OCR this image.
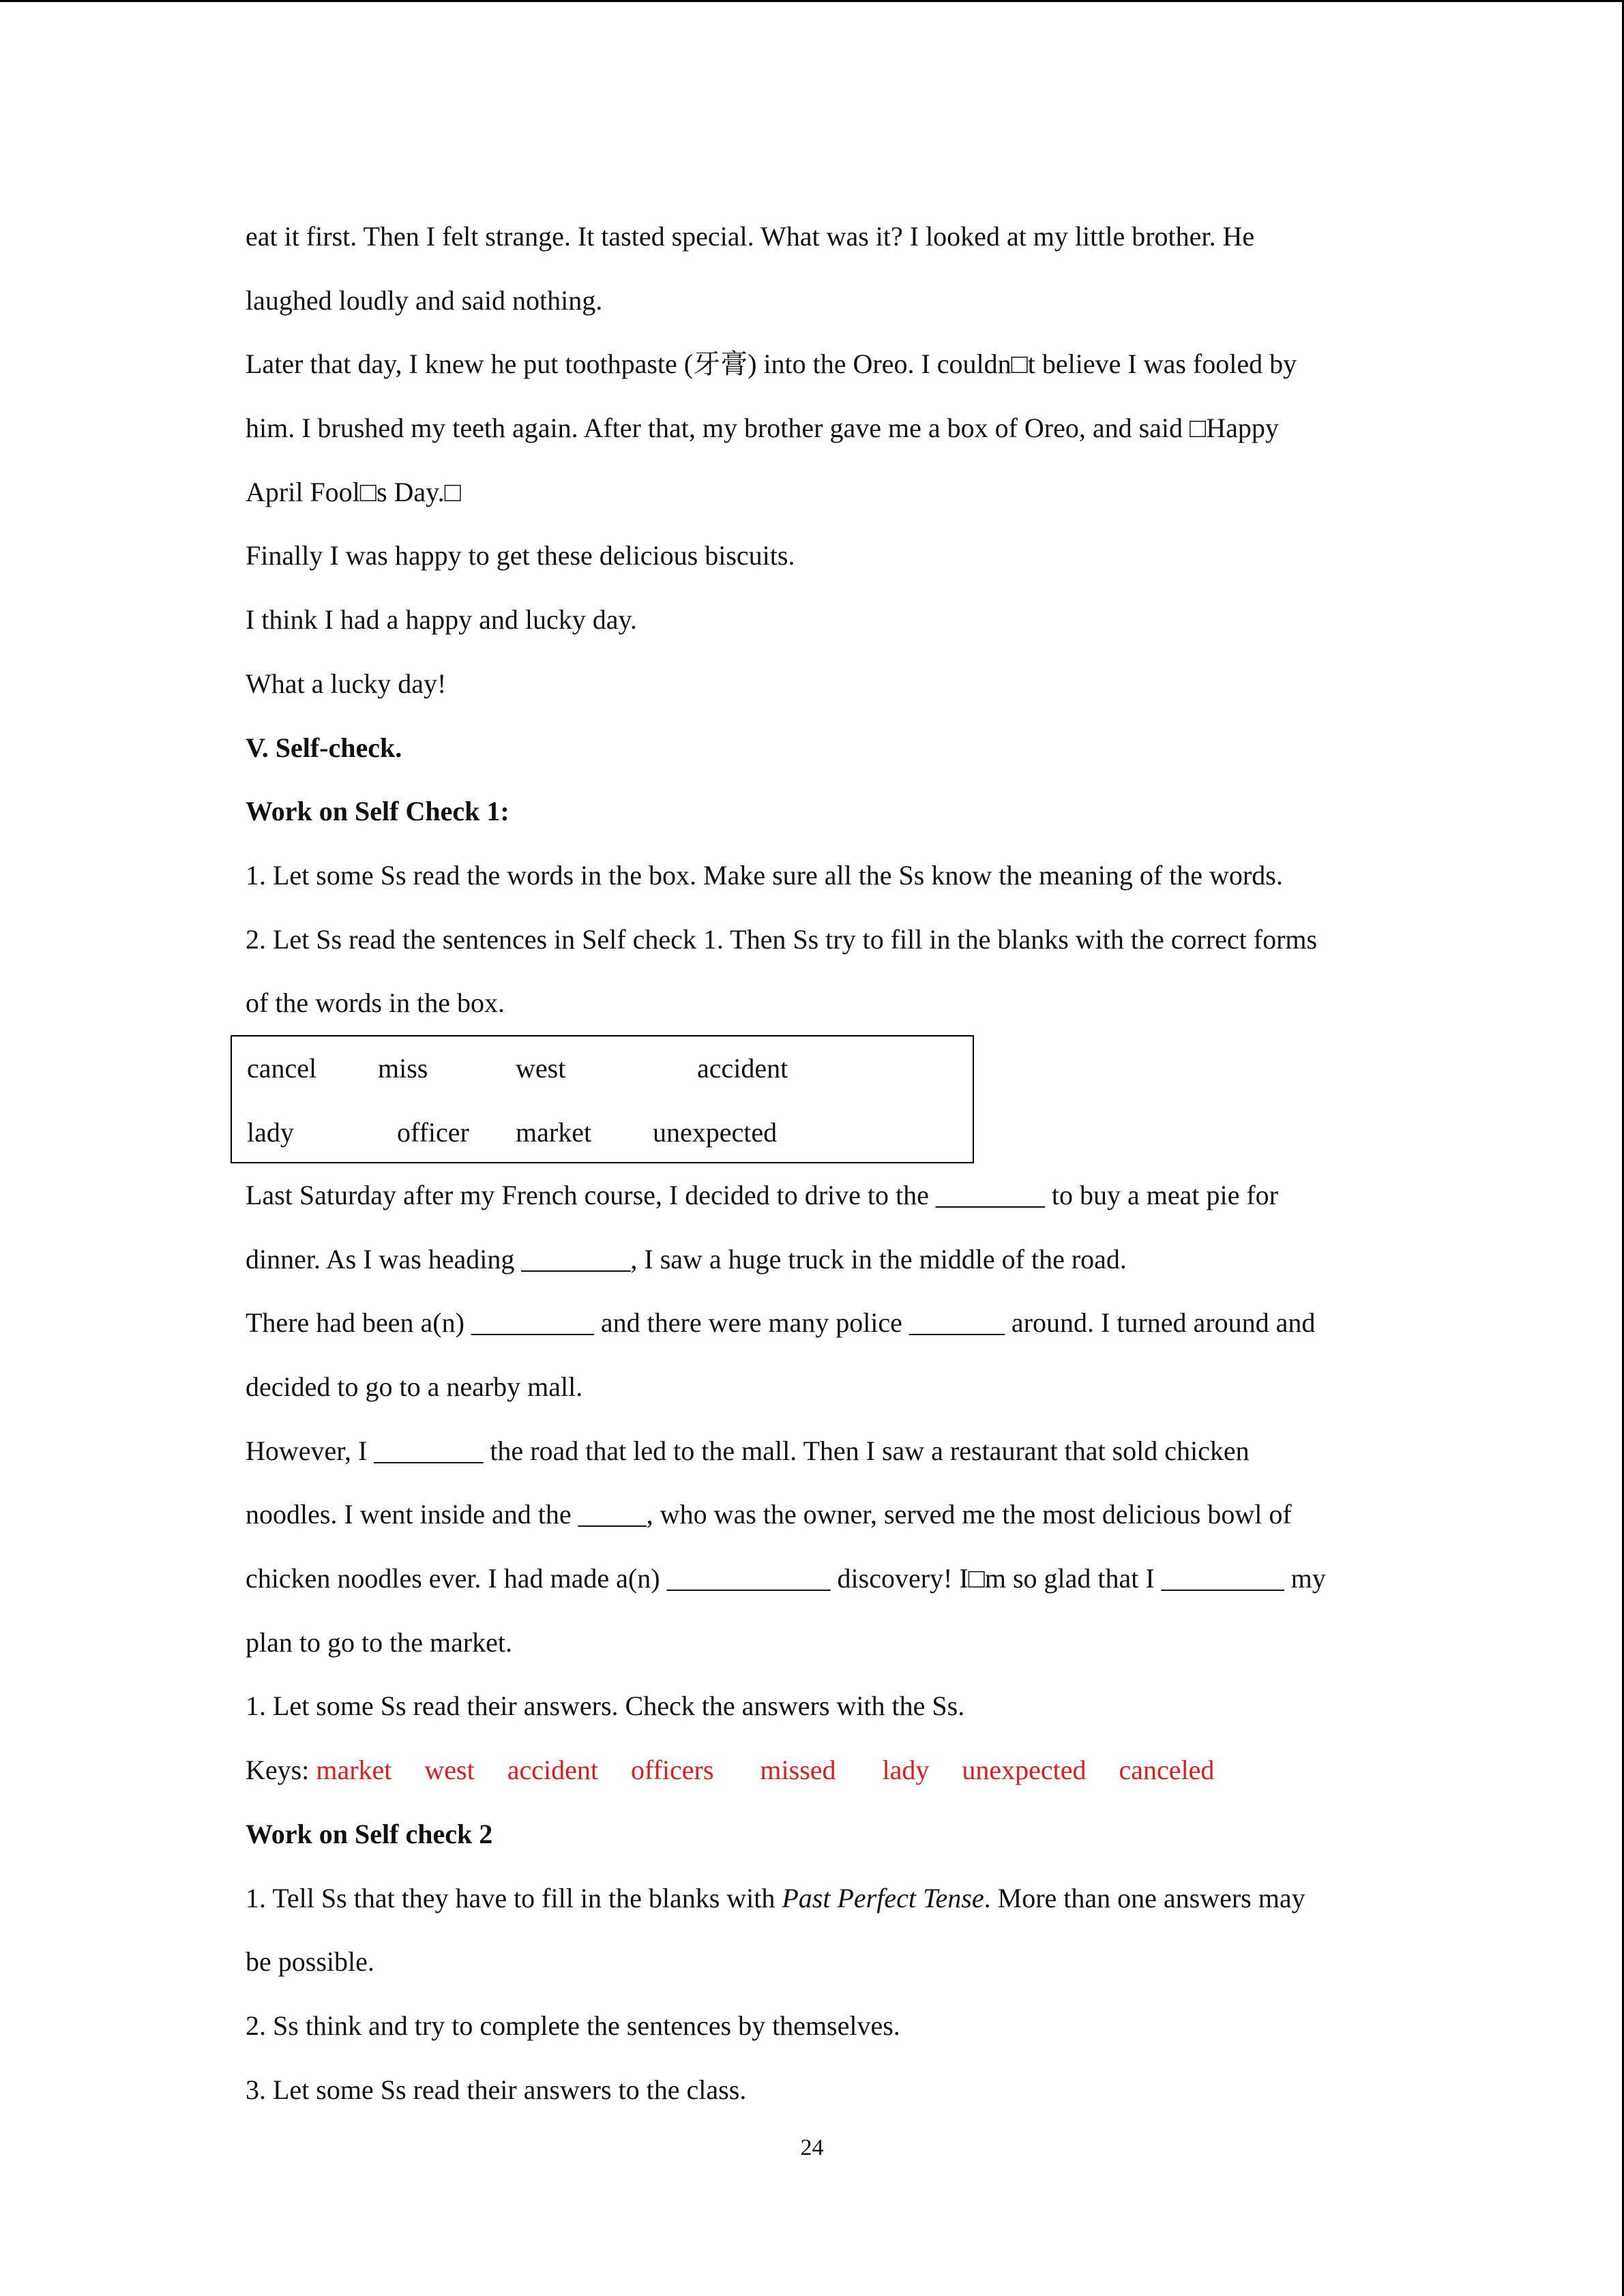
eat it first. Then I felt strange. It tasted special. What was it? I looked at my little brother. He
laughed loudly and said nothing.
Later that day, I knew he put toothpaste (牙膏) into the Oreo. I couldn□t believe I was fooled by
him. I brushed my teeth again. After that, my brother gave me a box of Oreo, and said □Happy
April Fool□s Day.□
Finally I was happy to get these delicious biscuits.
I think I had a happy and lucky day.
What a lucky day!
V. Self-check.
Work on Self Check 1:
1. Let some Ss read the words in the box. Make sure all the Ss know the meaning of the words.
2. Let Ss read the sentences in Self check 1. Then Ss try to fill in the blanks with the correct forms
of the words in the box.
cancel miss	west	accident
lady	officer market unexpected
Last Saturday after my French course, I decided to drive to the ________ to buy a meat pie for
dinner. As I was heading ________, I saw a huge truck in the middle of the road.
There had been a(n) _________ and there were many police _______ around. I turned around and
decided to go to a nearby mall.
However, I ________ the road that led to the mall. Then I saw a restaurant that sold chicken
noodles. I went inside and the _____, who was the owner, served me the most delicious bowl of
chicken noodles ever. I had made a(n) ____________ discovery! I□m so glad that I _________ my
plan to go to the market.
1. Let some Ss read their answers. Check the answers with the Ss.
Keys: market west accident officers missed lady unexpected canceled
Work on Self check 2
1. Tell Ss that they have to fill in the blanks with Past Perfect Tense. More than one answers may
be possible.
2. Ss think and try to complete the sentences by themselves.
3. Let some Ss read their answers to the class.
24
